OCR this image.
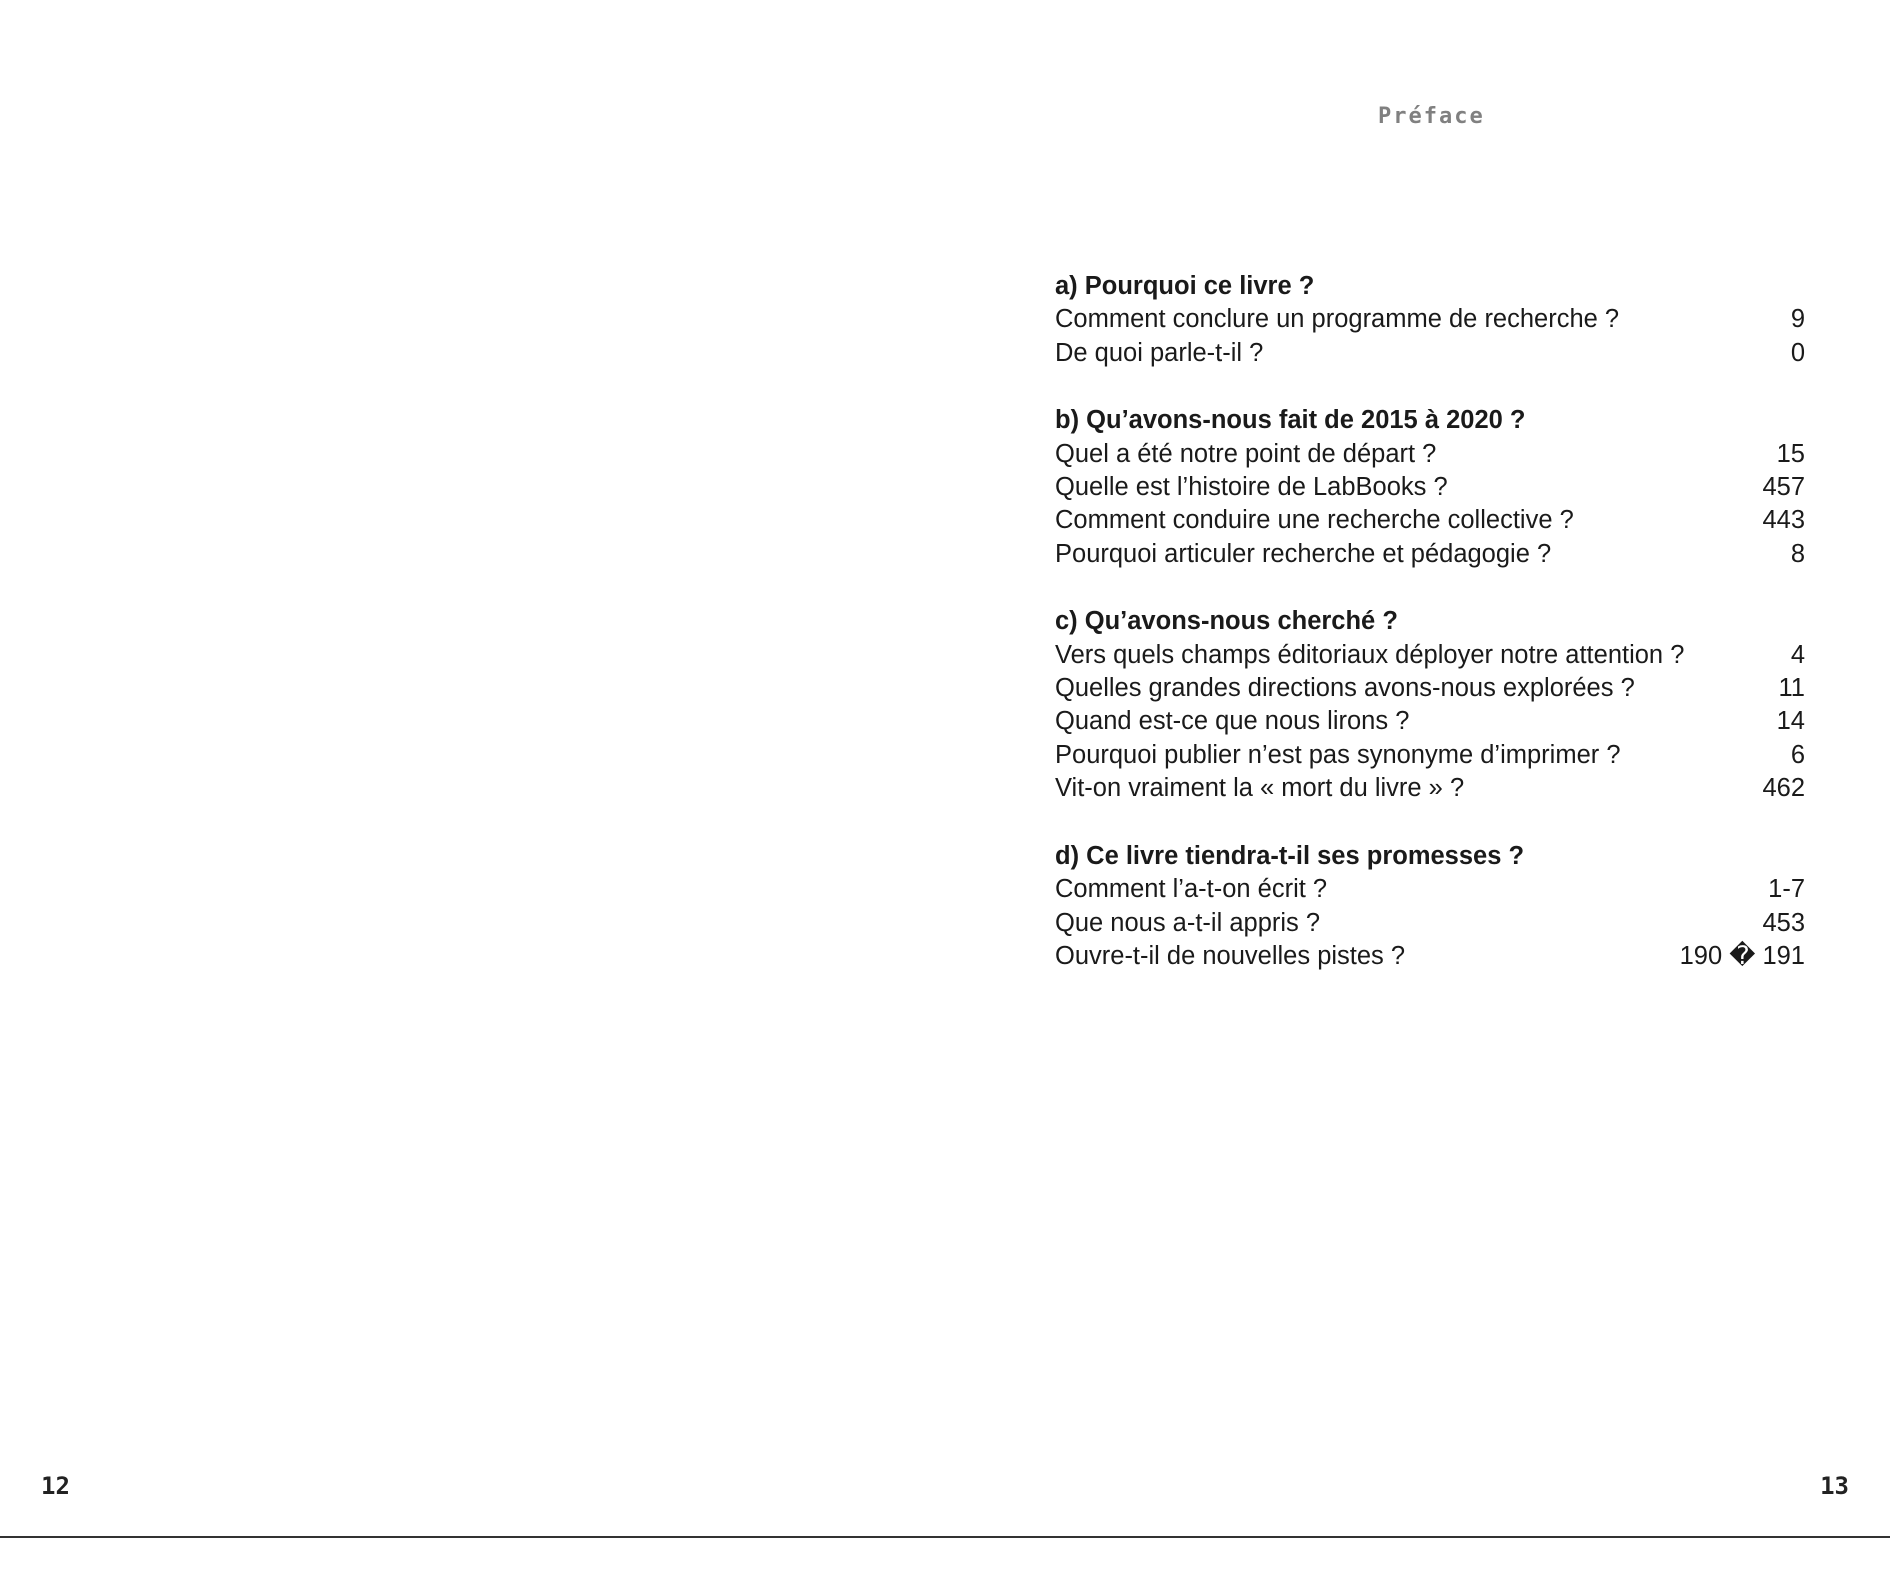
Préface
a) Pourquoi ce livre ?
Comment conclure un programme de recherche ?	9
De quoi parle-t-il ?	0
b) Qu’avons-nous fait de 2015 à 2020 ?
Quel a été notre point de départ ?	15
Quelle est l’histoire de LabBooks ?	457
Comment conduire une recherche collective ?	443
Pourquoi articuler recherche et pédagogie ?	8
c) Qu’avons-nous cherché ?
Vers quels champs éditoriaux déployer notre attention ?	4
Quelles grandes directions avons-nous explorées ?	11
Quand est-ce que nous lirons ?	14
Pourquoi publier n’est pas synonyme d’imprimer ?	6
Vit-on vraiment la « mort du livre » ?	462
d) Ce livre tiendra-t-il ses promesses ?
Comment l’a-t-on écrit ?	1-7
Que nous a-t-il appris ?	453
Ouvre-t-il de nouvelles pistes ?	190 � 191
12	13
